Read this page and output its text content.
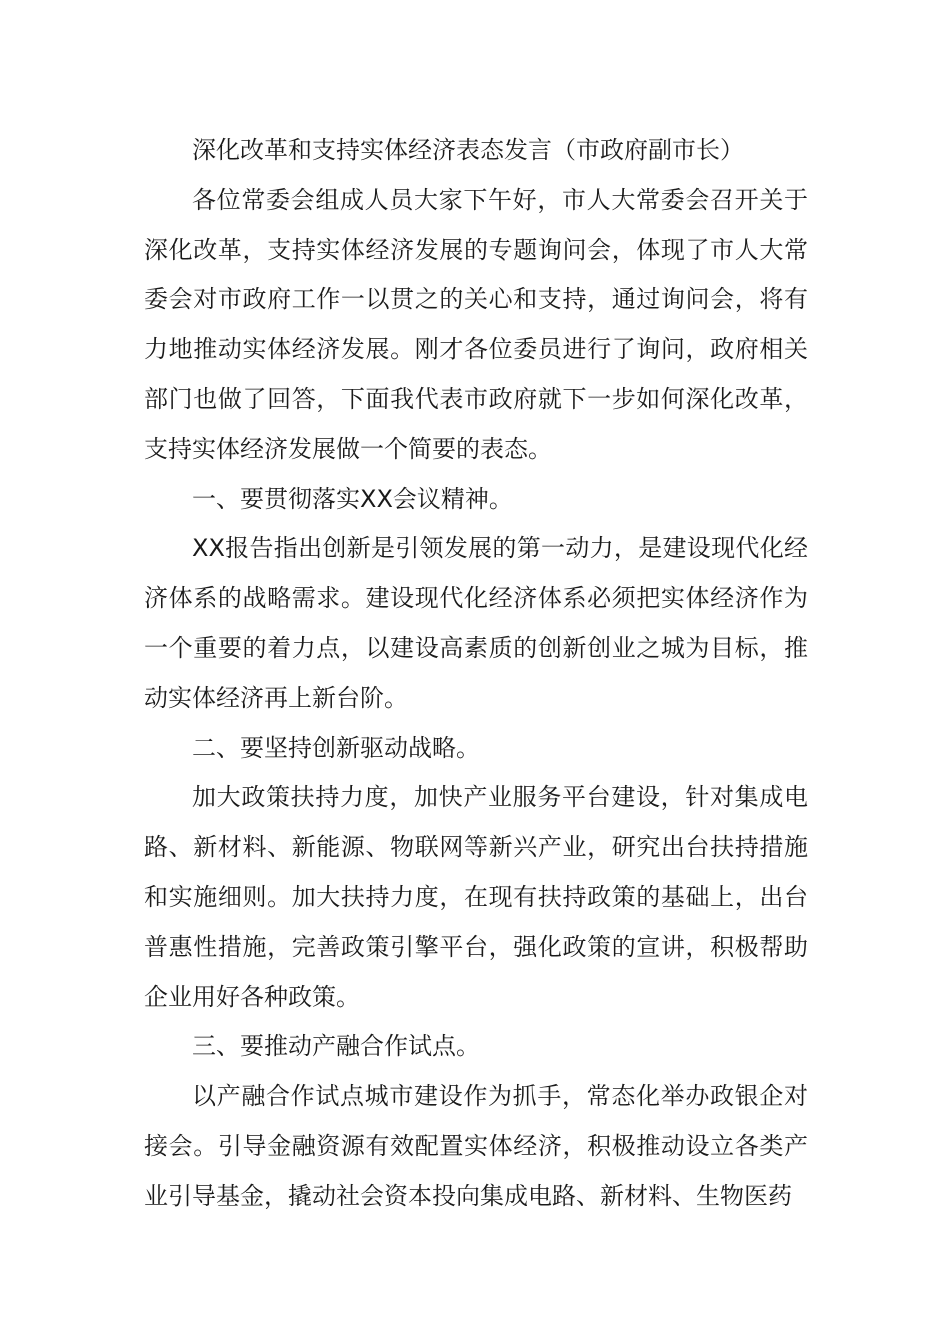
深化改革和支持实体经济表态发言（市政府副市长）

各位常委会组成人员大家下午好，市人大常委会召开关于深化改革，支持实体经济发展的专题询问会，体现了市人大常委会对市政府工作一以贯之的关心和支持，通过询问会，将有力地推动实体经济发展。刚才各位委员进行了询问，政府相关部门也做了回答，下面我代表市政府就下一步如何深化改革，支持实体经济发展做一个简要的表态。

一、要贯彻落实XX会议精神。

XX报告指出创新是引领发展的第一动力，是建设现代化经济体系的战略需求。建设现代化经济体系必须把实体经济作为一个重要的着力点，以建设高素质的创新创业之城为目标，推动实体经济再上新台阶。

二、要坚持创新驱动战略。

加大政策扶持力度，加快产业服务平台建设，针对集成电路、新材料、新能源、物联网等新兴产业，研究出台扶持措施和实施细则。加大扶持力度，在现有扶持政策的基础上，出台普惠性措施，完善政策引擎平台，强化政策的宣讲，积极帮助企业用好各种政策。

三、要推动产融合作试点。

以产融合作试点城市建设作为抓手，常态化举办政银企对接会。引导金融资源有效配置实体经济，积极推动设立各类产业引导基金，撬动社会资本投向集成电路、新材料、生物医药
